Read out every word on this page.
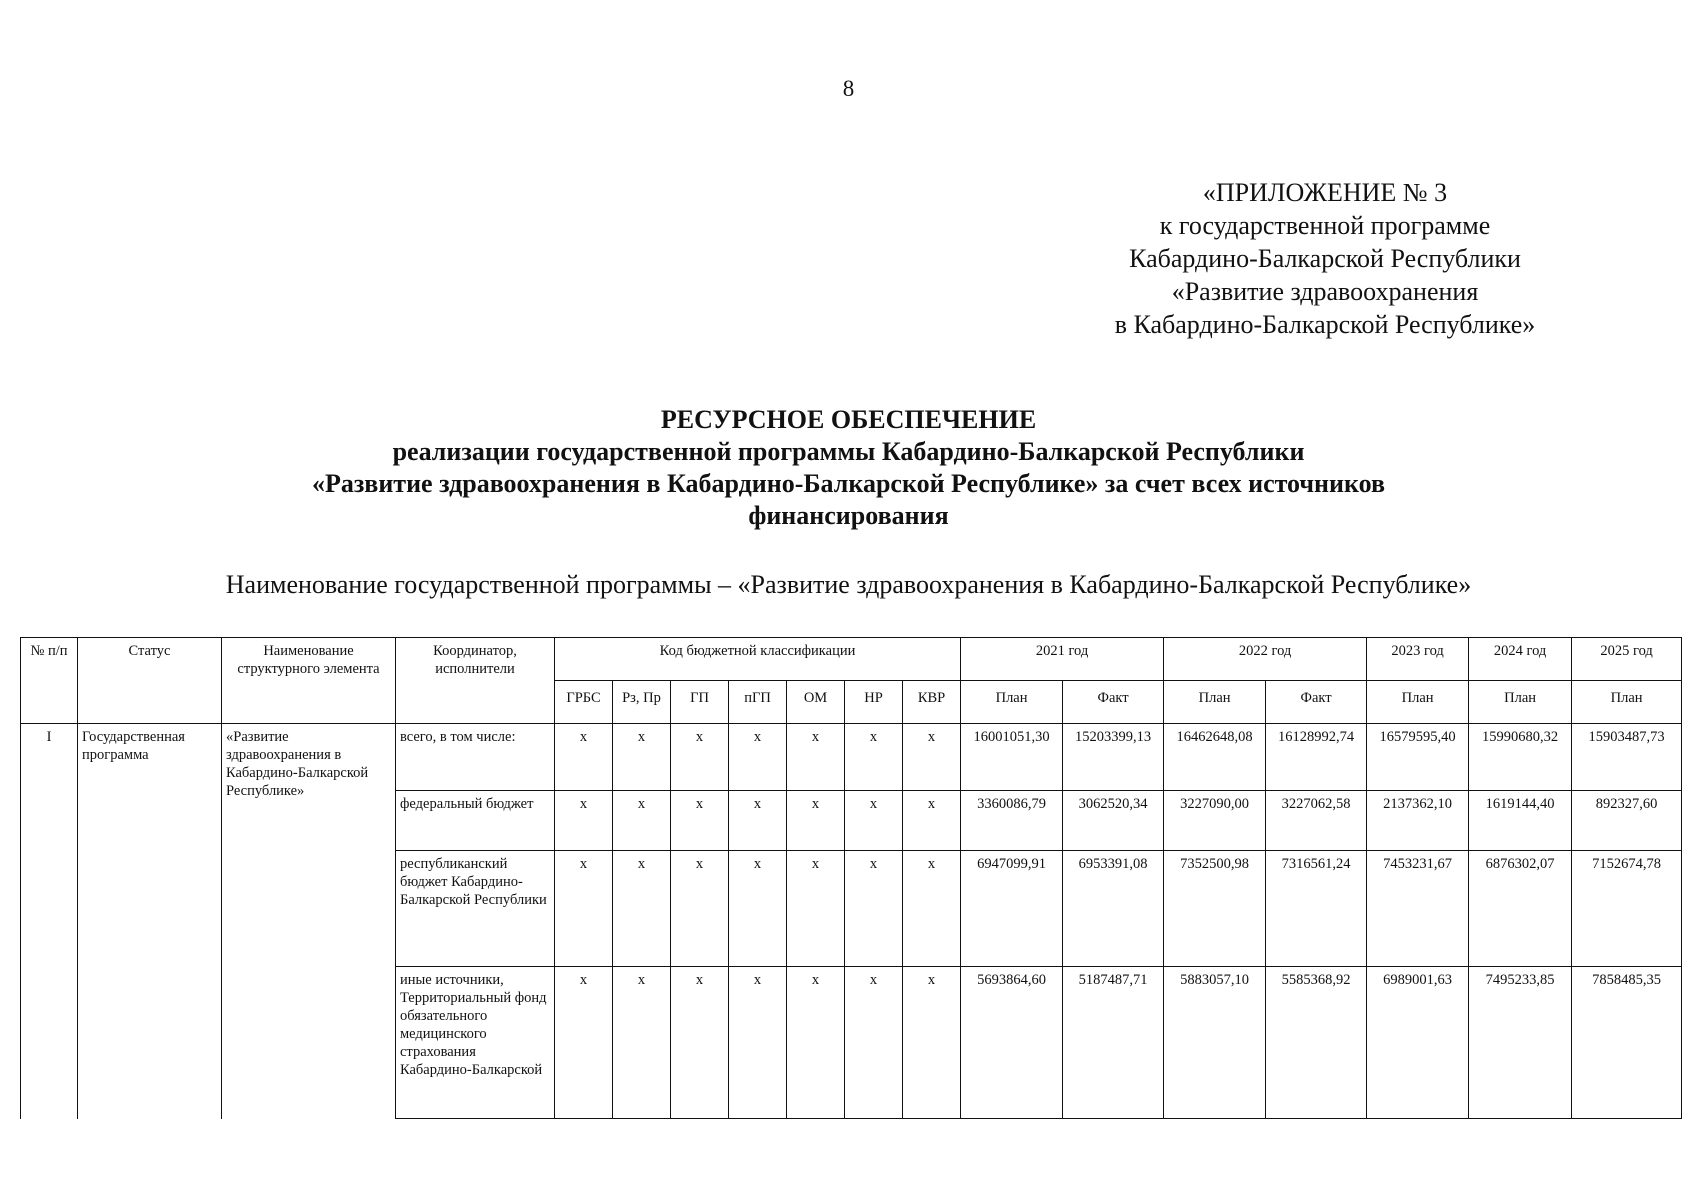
8
«ПРИЛОЖЕНИЕ № 3
к государственной программе
Кабардино-Балкарской Республики
«Развитие здравоохранения
в Кабардино-Балкарской Республике»
РЕСУРСНОЕ ОБЕСПЕЧЕНИЕ
реализации государственной программы Кабардино-Балкарской Республики
«Развитие здравоохранения в Кабардино-Балкарской Республике» за счет всех источников
финансирования
Наименование государственной программы – «Развитие здравоохранения в Кабардино-Балкарской Республике»
№ п/п	Статус	Наименование структурного элемента	Координатор, исполнители	Код бюджетной классификации							2021 год		2022 год		2023 год	2024 год	2025 год
				ГРБС	Рз, Пр	ГП	пГП	ОМ	НР	КВР	План	Факт	План	Факт	План	План	План
I	Государственная программа	«Развитие здравоохранения в Кабардино-Балкарской Республике»	всего, в том числе:	х	х	х	х	х	х	х	16001051,30	15203399,13	16462648,08	16128992,74	16579595,40	15990680,32	15903487,73
			федеральный бюджет	х	х	х	х	х	х	х	3360086,79	3062520,34	3227090,00	3227062,58	2137362,10	1619144,40	892327,60
			республиканский бюджет Кабардино-Балкарской Республики	х	х	х	х	х	х	х	6947099,91	6953391,08	7352500,98	7316561,24	7453231,67	6876302,07	7152674,78
			иные источники, Территориальный фонд обязательного медицинского страхования Кабардино-Балкарской	х	х	х	х	х	х	х	5693864,60	5187487,71	5883057,10	5585368,92	6989001,63	7495233,85	7858485,35
